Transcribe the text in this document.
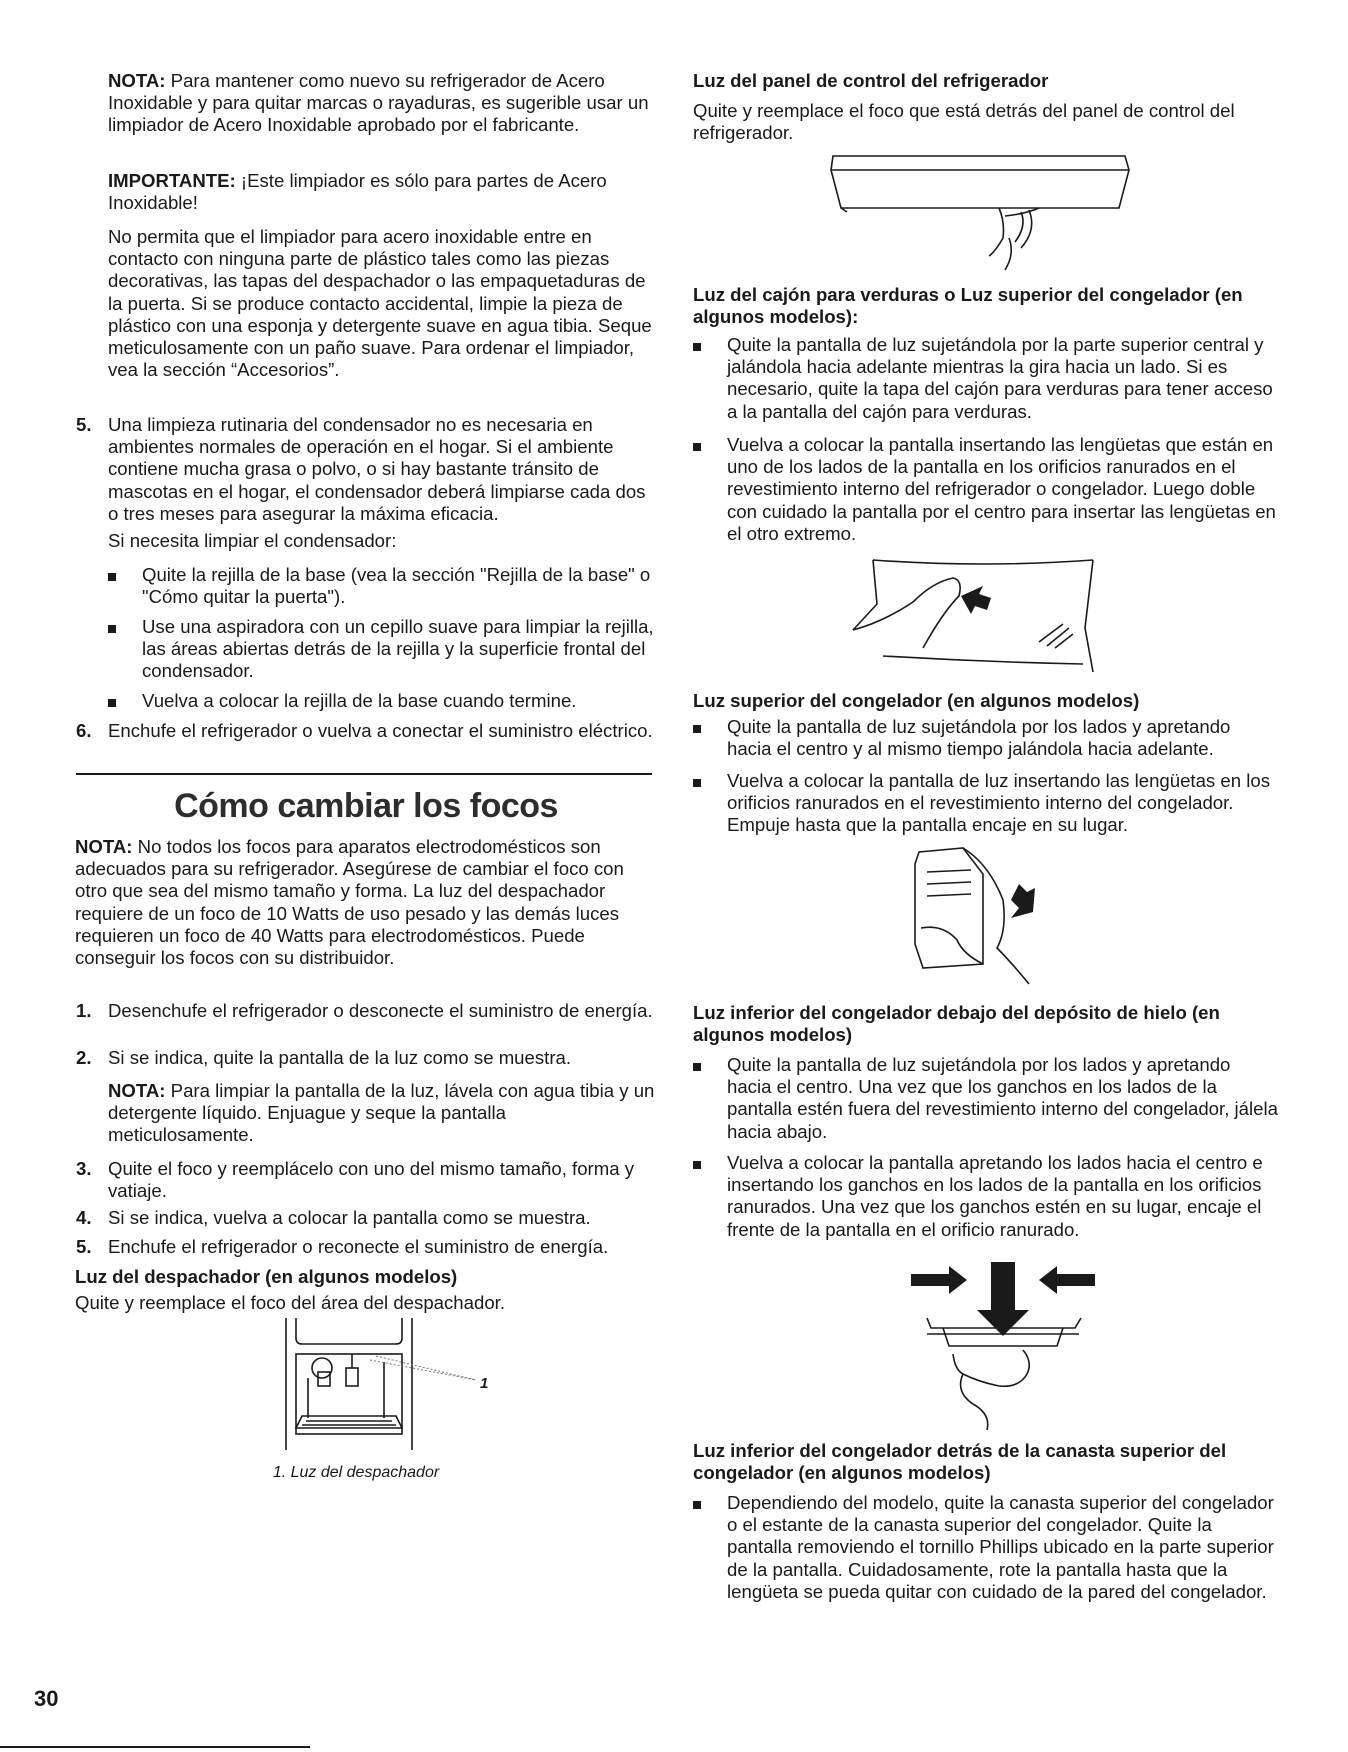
NOTA: Para mantener como nuevo su refrigerador de Acero Inoxidable y para quitar marcas o rayaduras, es sugerible usar un limpiador de Acero Inoxidable aprobado por el fabricante.

IMPORTANTE: ¡Este limpiador es sólo para partes de Acero Inoxidable!

No permita que el limpiador para acero inoxidable entre en contacto con ninguna parte de plástico tales como las piezas decorativas, las tapas del despachador o las empaquetaduras de la puerta. Si se produce contacto accidental, limpie la pieza de plástico con una esponja y detergente suave en agua tibia. Seque meticulosamente con un paño suave. Para ordenar el limpiador, vea la sección “Accesorios”.

5. Una limpieza rutinaria del condensador no es necesaria en ambientes normales de operación en el hogar. Si el ambiente contiene mucha grasa o polvo, o si hay bastante tránsito de mascotas en el hogar, el condensador deberá limpiarse cada dos o tres meses para asegurar la máxima eficacia.

Si necesita limpiar el condensador:

Quite la rejilla de la base (vea la sección "Rejilla de la base" o "Cómo quitar la puerta").

Use una aspiradora con un cepillo suave para limpiar la rejilla, las áreas abiertas detrás de la rejilla y la superficie frontal del condensador.

Vuelva a colocar la rejilla de la base cuando termine.

6. Enchufe el refrigerador o vuelva a conectar el suministro eléctrico.

Cómo cambiar los focos

NOTA: No todos los focos para aparatos electrodomésticos son adecuados para su refrigerador. Asegúrese de cambiar el foco con otro que sea del mismo tamaño y forma. La luz del despachador requiere de un foco de 10 Watts de uso pesado y las demás luces requieren un foco de 40 Watts para electrodomésticos. Puede conseguir los focos con su distribuidor.

1. Desenchufe el refrigerador o desconecte el suministro de energía.

2. Si se indica, quite la pantalla de la luz como se muestra.

NOTA: Para limpiar la pantalla de la luz, lávela con agua tibia y un detergente líquido. Enjuague y seque la pantalla meticulosamente.

3. Quite el foco y reemplácelo con uno del mismo tamaño, forma y vatiaje.

4. Si se indica, vuelva a colocar la pantalla como se muestra.

5. Enchufe el refrigerador o reconecte el suministro de energía.

Luz del despachador (en algunos modelos)
Quite y reemplace el foco del área del despachador.
1
1. Luz del despachador
Luz del panel de control del refrigerador
Quite y reemplace el foco que está detrás del panel de control del refrigerador.
Luz del cajón para verduras o Luz superior del congelador (en algunos modelos):

Quite la pantalla de luz sujetándola por la parte superior central y jalándola hacia adelante mientras la gira hacia un lado. Si es necesario, quite la tapa del cajón para verduras para tener acceso a la pantalla del cajón para verduras.

Vuelva a colocar la pantalla insertando las lengüetas que están en uno de los lados de la pantalla en los orificios ranurados en el revestimiento interno del refrigerador o congelador. Luego doble con cuidado la pantalla por el centro para insertar las lengüetas en el otro extremo.

Luz superior del congelador (en algunos modelos)

Quite la pantalla de luz sujetándola por los lados y apretando hacia el centro y al mismo tiempo jalándola hacia adelante.

Vuelva a colocar la pantalla de luz insertando las lengüetas en los orificios ranurados en el revestimiento interno del congelador. Empuje hasta que la pantalla encaje en su lugar.

Luz inferior del congelador debajo del depósito de hielo (en algunos modelos)

Quite la pantalla de luz sujetándola por los lados y apretando hacia el centro. Una vez que los ganchos en los lados de la pantalla estén fuera del revestimiento interno del congelador, jálela hacia abajo.

Vuelva a colocar la pantalla apretando los lados hacia el centro e insertando los ganchos en los lados de la pantalla en los orificios ranurados. Una vez que los ganchos estén en su lugar, encaje el frente de la pantalla en el orificio ranurado.

Luz inferior del congelador detrás de la canasta superior del congelador (en algunos modelos)

Dependiendo del modelo, quite la canasta superior del congelador o el estante de la canasta superior del congelador. Quite la pantalla removiendo el tornillo Phillips ubicado en la parte superior de la pantalla. Cuidadosamente, rote la pantalla hasta que la lengüeta se pueda quitar con cuidado de la pared del congelador.

30
